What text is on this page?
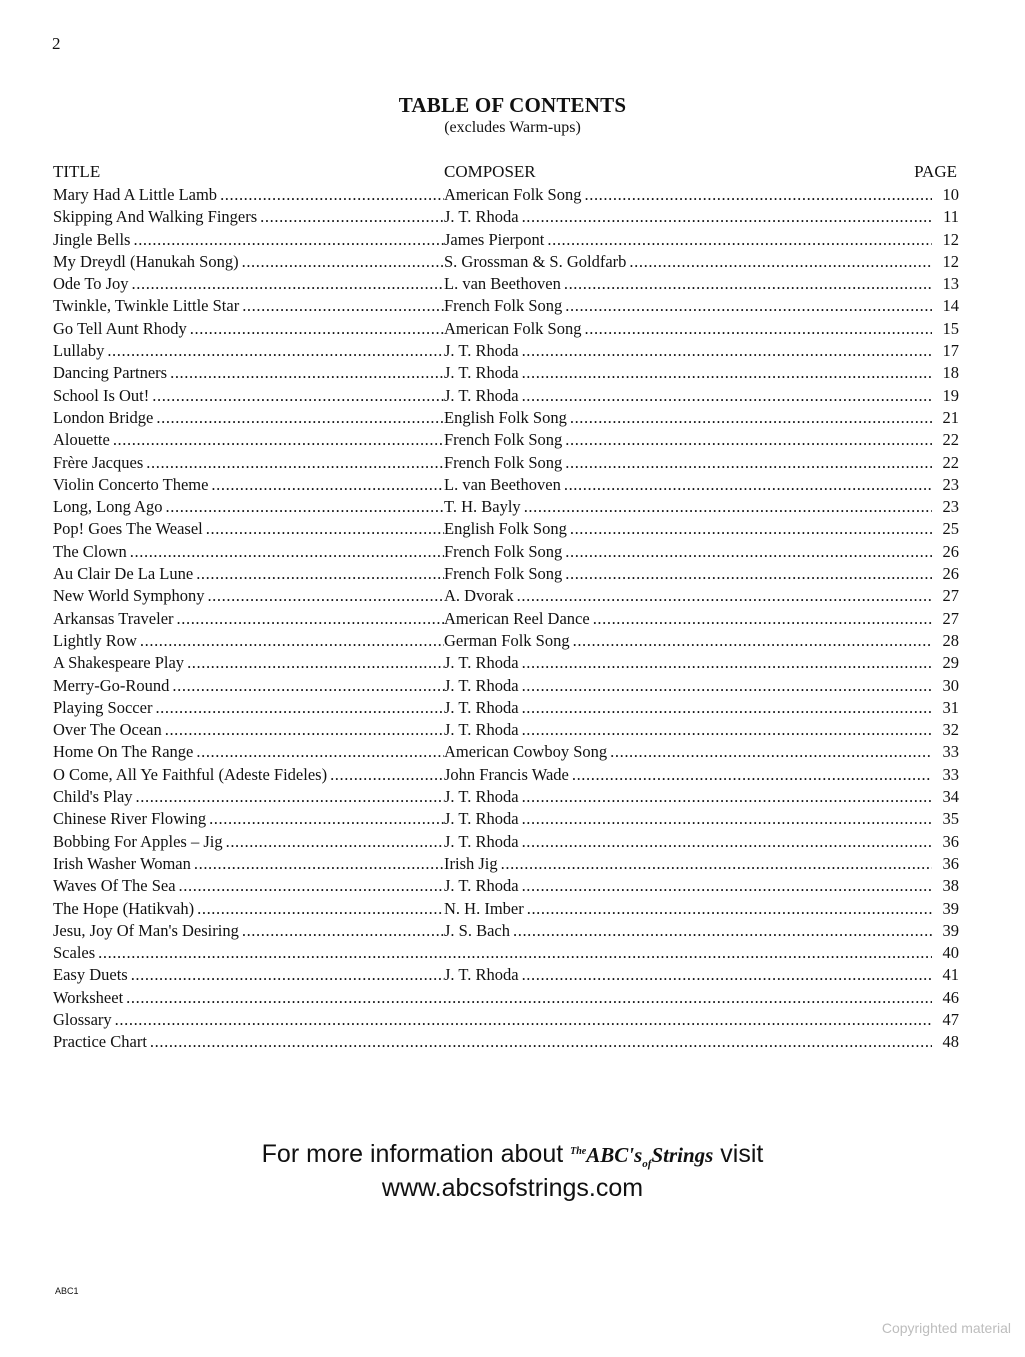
2
TABLE OF CONTENTS
(excludes Warm-ups)
TITLE	COMPOSER	PAGE
Mary Had A Little Lamb .....	American Folk Song .....	10
Skipping And Walking Fingers .....	J. T. Rhoda .....	11
Jingle Bells .....	James Pierpont .....	12
My Dreydl (Hanukah Song) .....	S. Grossman & S. Goldfarb .....	12
Ode To Joy .....	L. van Beethoven .....	13
Twinkle, Twinkle Little Star .....	French Folk Song .....	14
Go Tell Aunt Rhody .....	American Folk Song .....	15
Lullaby .....	J. T. Rhoda .....	17
Dancing Partners .....	J. T. Rhoda .....	18
School Is Out! .....	J. T. Rhoda .....	19
London Bridge .....	English Folk Song .....	21
Alouette .....	French Folk Song .....	22
Frère Jacques .....	French Folk Song .....	22
Violin Concerto Theme .....	L. van Beethoven .....	23
Long, Long Ago .....	T. H. Bayly .....	23
Pop! Goes The Weasel .....	English Folk Song .....	25
The Clown .....	French Folk Song .....	26
Au Clair De La Lune .....	French Folk Song .....	26
New World Symphony .....	A. Dvorak .....	27
Arkansas Traveler .....	American Reel Dance .....	27
Lightly Row .....	German Folk Song .....	28
A Shakespeare Play .....	J. T. Rhoda .....	29
Merry-Go-Round .....	J. T. Rhoda .....	30
Playing Soccer .....	J. T. Rhoda .....	31
Over The Ocean .....	J. T. Rhoda .....	32
Home On The Range .....	American Cowboy Song .....	33
O Come, All Ye Faithful (Adeste Fideles) .....	John Francis Wade .....	33
Child's Play .....	J. T. Rhoda .....	34
Chinese River Flowing .....	J. T. Rhoda .....	35
Bobbing For Apples – Jig .....	J. T. Rhoda .....	36
Irish Washer Woman .....	Irish Jig .....	36
Waves Of The Sea .....	J. T. Rhoda .....	38
The Hope (Hatikvah) .....	N. H. Imber .....	39
Jesu, Joy Of Man's Desiring .....	J. S. Bach .....	39
Scales .....	40
Easy Duets .....	J. T. Rhoda .....	41
Worksheet .....	46
Glossary .....	47
Practice Chart .....	48
For more information about $^{The}ABC's_{of}Strings$ visit
www.abcsofstrings.com
ABC1
Copyrighted material
